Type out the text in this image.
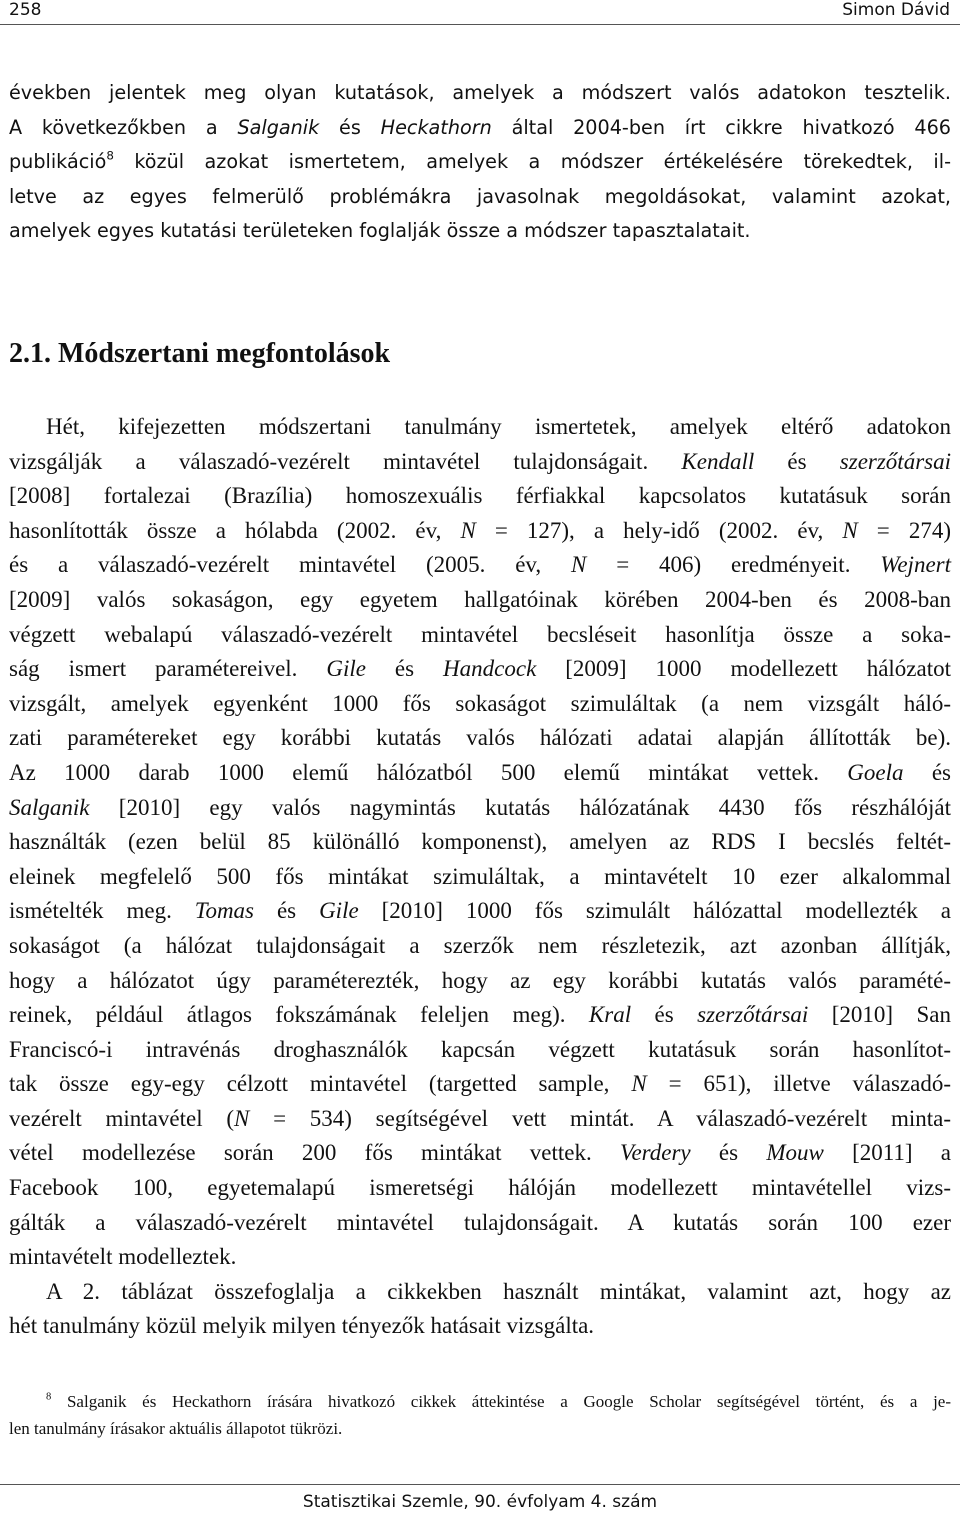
258	Simon Dávid
években jelentek meg olyan kutatások, amelyek a módszert valós adatokon tesztelik.
A következőkben a Salganik és Heckathorn által 2004-ben írt cikkre hivatkozó 466
publikáció$^8$ közül azokat ismertetem, amelyek a módszer értékelésére törekedtek, il-
letve az egyes felmerülő problémákra javasolnak megoldásokat, valamint azokat,
amelyek egyes kutatási területeken foglalják össze a módszer tapasztalatait.
2.1. Módszertani megfontolások
Hét, kifejezetten módszertani tanulmány ismertetek, amelyek eltérő adatokon
vizsgálják a válaszadó-vezérelt mintavétel tulajdonságait. Kendall és szerzőtársai
[2008] fortalezai (Brazília) homoszexuális férfiakkal kapcsolatos kutatásuk során
hasonlították össze a hólabda (2002. év, N = 127), a hely-idő (2002. év, N = 274)
és a válaszadó-vezérelt mintavétel (2005. év, N = 406) eredményeit. Wejnert
[2009] valós sokaságon, egy egyetem hallgatóinak körében 2004-ben és 2008-ban
végzett webalapú válaszadó-vezérelt mintavétel becsléseit hasonlítja össze a soka-
ság ismert paramétereivel. Gile és Handcock [2009] 1000 modellezett hálózatot
vizsgált, amelyek egyenként 1000 fős sokaságot szimuláltak (a nem vizsgált háló-
zati paramétereket egy korábbi kutatás valós hálózati adatai alapján állították be).
Az 1000 darab 1000 elemű hálózatból 500 elemű mintákat vettek. Goela és
Salganik [2010] egy valós nagymintás kutatás hálózatának 4430 fős részhálóját
használták (ezen belül 85 különálló komponenst), amelyen az RDS I becslés feltét-
eleinek megfelelő 500 fős mintákat szimuláltak, a mintavételt 10 ezer alkalommal
ismételték meg. Tomas és Gile [2010] 1000 fős szimulált hálózattal modellezték a
sokaságot (a hálózat tulajdonságait a szerzők nem részletezik, azt azonban állítják,
hogy a hálózatot úgy paraméterezték, hogy az egy korábbi kutatás valós paramété-
reinek, például átlagos fokszámának feleljen meg). Kral és szerzőtársai [2010] San
Franciscó-i intravénás droghasználók kapcsán végzett kutatásuk során hasonlítot-
tak össze egy-egy célzott mintavétel (targetted sample, N = 651), illetve válaszadó-
vezérelt mintavétel (N = 534) segítségével vett mintát. A válaszadó-vezérelt minta-
vétel modellezése során 200 fős mintákat vettek. Verdery és Mouw [2011] a
Facebook 100, egyetemalapú ismeretségi hálóján modellezett mintavétellel vizs-
gálták a válaszadó-vezérelt mintavétel tulajdonságait. A kutatás során 100 ezer
mintavételt modelleztek.
A 2. táblázat összefoglalja a cikkekben használt mintákat, valamint azt, hogy az
hét tanulmány közül melyik milyen tényezők hatásait vizsgálta.
$^8$ Salganik és Heckathorn írására hivatkozó cikkek áttekintése a Google Scholar segítségével történt, és a je-
len tanulmány írásakor aktuális állapotot tükrözi.
Statisztikai Szemle, 90. évfolyam 4. szám
